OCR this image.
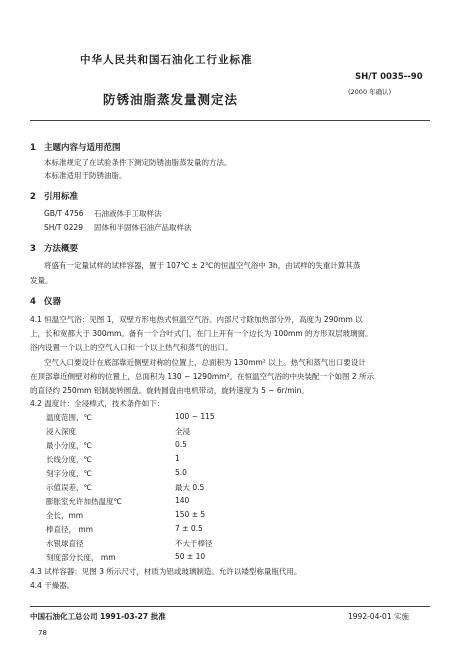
中华人民共和国石油化工行业标准
SH/T 0035--90
防锈油脂蒸发量测定法	(2000 年确认)
1 主题内容与适用范围
本标准规定了在试验条件下测定防锈油脂蒸发量的方法。
本标准适用于防锈油脂。
2 引用标准
GB/T 4756 石油液体手工取样法
SH/T 0229 固体和半固体石油产品取样法
3 方法概要
将盛有一定量试样的试样容器，置于 107℃ ± 2℃的恒温空气浴中 3h，由试样的失重计算其蒸
发量。
4 仪器
4.1 恒温空气浴：见图 1，双壁方形电热式恒温空气浴。内部尺寸除加热部分外，高度为 290mm 以
上，长和宽都大于 300mm。备有一个合叶式门，在门上开有一个边长为 100mm 的方形双层玻璃窗。
浴内设置一个以上的空气入口和一个以上热气和蒸气的出口。
空气入口要设计在底部靠近侧壁对称的位置上，总面积为 130mm² 以上。热气和蒸气出口要设计
在顶部靠近侧壁对称的位置上，总面积为 130 ~ 1290mm²。在恒温空气浴的中央装配一个如图 2 所示
的直径约 250mm 铝制旋转圆盘。旋转圆盘由电机带动，旋转速度为 5 ~ 6r/min。
4.2 温度计：全浸棒式，技术条件如下：
温度范围，℃	100 ~ 115
浸入深度	全浸
最小分度，℃	0.5
长线分度，℃	1
刻字分度，℃	5.0
示值误差，℃	最大 0.5
膨胀室允许加热温度℃	140
全长，mm	150 ± 5
棒直径， mm	7 ± 0.5
水银球直径	不大于棒径
刻度部分长度， mm	50 ± 10
4.3 试样容器：见图 3 所示尺寸，材质为铝或玻璃制造。允许以矮型称量瓶代用。
4.4 干燥器。
中国石油化工总公司 1991-03-27 批准	1992-04-01 实施
78
